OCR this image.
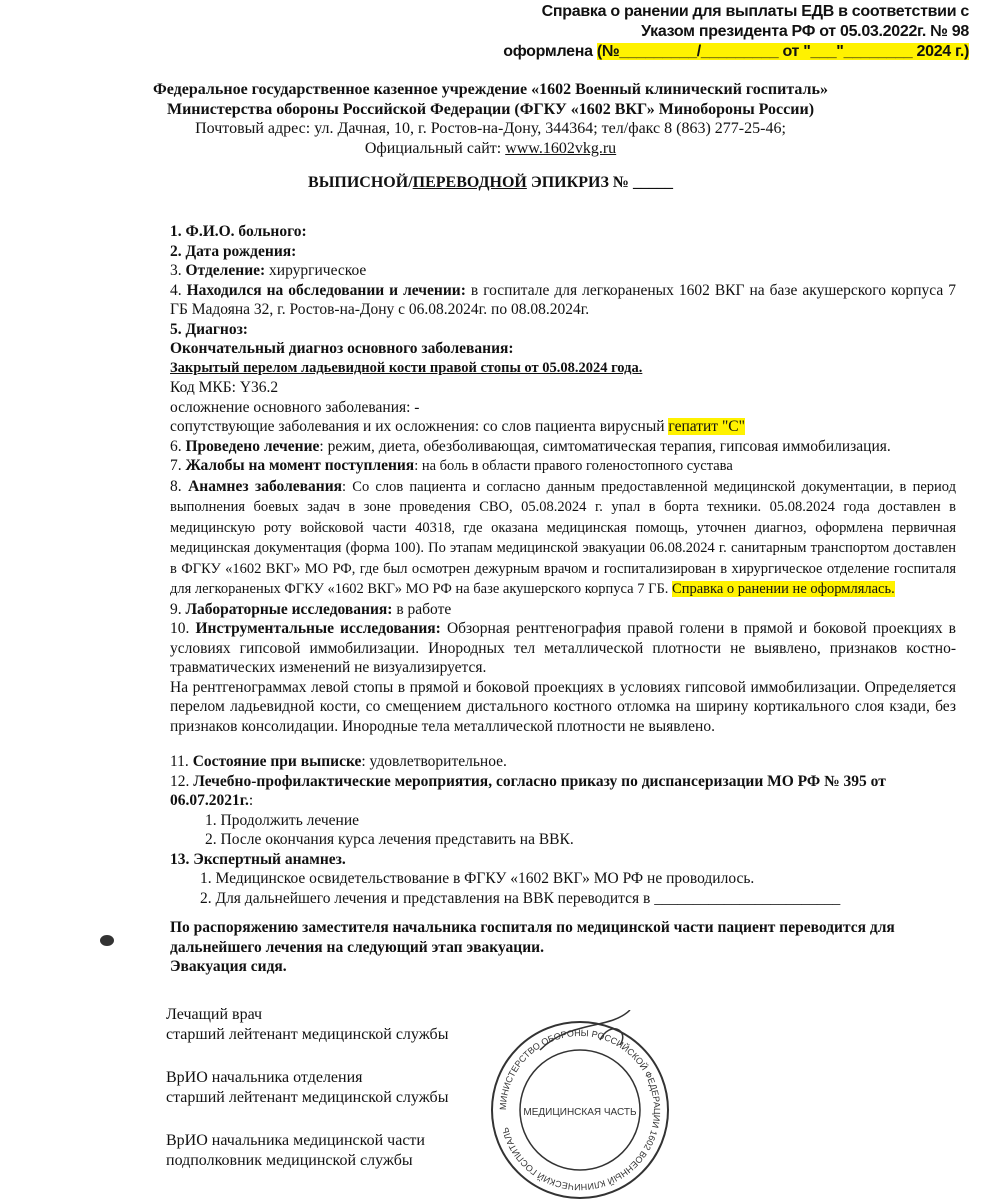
Справка о ранении для выплаты ЕДВ в соответствии с
Указом президента РФ от 05.03.2022г. № 98
оформлена (№_________/_________ от "___"________ 2024 г.)
Федеральное государственное казенное учреждение «1602 Военный клинический госпиталь»
Министерства обороны Российской Федерации (ФГКУ «1602 ВКГ» Минобороны России)
Почтовый адрес: ул. Дачная, 10, г. Ростов-на-Дону, 344364; тел/факс 8 (863) 277-25-46;
Официальный сайт: www.1602vkg.ru
ВЫПИСНОЙ/ПЕРЕВОДНОЙ ЭПИКРИЗ № _____
1. Ф.И.О. больного:
2. Дата рождения:
3. Отделение: хирургическое
4. Находился на обследовании и лечении: в госпитале для легкораненых 1602 ВКГ на базе акушерского корпуса 7 ГБ Мадояна 32, г. Ростов-на-Дону с 06.08.2024г. по 08.08.2024г.
5. Диагноз:
Окончательный диагноз основного заболевания:
Закрытый перелом ладьевидной кости правой стопы от 05.08.2024 года.
Код МКБ: Y36.2
осложнение основного заболевания: -
сопутствующие заболевания и их осложнения: со слов пациента вирусный гепатит "С"
6. Проведено лечение: режим, диета, обезболивающая, симтоматическая терапия, гипсовая иммобилизация.
7. Жалобы на момент поступления: на боль в области правого голеностопного сустава
8. Анамнез заболевания: Со слов пациента и согласно данным предоставленной медицинской документации, в период выполнения боевых задач в зоне проведения СВО, 05.08.2024 г. упал в борта техники. 05.08.2024 года доставлен в медицинскую роту войсковой части 40318, где оказана медицинская помощь, уточнен диагноз, оформлена первичная медицинская документация (форма 100). По этапам медицинской эвакуации 06.08.2024 г. санитарным транспортом доставлен в ФГКУ «1602 ВКГ» МО РФ, где был осмотрен дежурным врачом и госпитализирован в хирургическое отделение госпиталя для легкораненых ФГКУ «1602 ВКГ» МО РФ на базе акушерского корпуса 7 ГБ. Справка о ранении не оформлялась.
9. Лабораторные исследования: в работе
10. Инструментальные исследования: Обзорная рентгенография правой голени в прямой и боковой проекциях в условиях гипсовой иммобилизации. Инородных тел металлической плотности не выявлено, признаков костно-травматических изменений не визуализируется.
На рентгенограммах левой стопы в прямой и боковой проекциях в условиях гипсовой иммобилизации. Определяется перелом ладьевидной кости, со смещением дистального костного отломка на ширину кортикального слоя кзади, без признаков консолидации. Инородные тела металлической плотности не выявлено.
11. Состояние при выписке: удовлетворительное.
12. Лечебно-профилактические мероприятия, согласно приказу по диспансеризации МО РФ № 395 от 06.07.2021г.:
1. Продолжить лечение
2. После окончания курса лечения представить на ВВК.
13. Экспертный анамнез.
1. Медицинское освидетельствование в ФГКУ «1602 ВКГ» МО РФ не проводилось.
2. Для дальнейшего лечения и представления на ВВК переводится в ________________________
По распоряжению заместителя начальника госпиталя по медицинской части пациент переводится для дальнейшего лечения на следующий этап эвакуации.
Эвакуация сидя.
Лечащий врач
старший лейтенант медицинской службы
ВрИО начальника отделения
старший лейтенант медицинской службы
ВрИО начальника медицинской части
подполковник медицинской службы
МИНИСТЕРСТВО ОБОРОНЫ РОССИЙСКОЙ ФЕДЕРАЦИИ 1602 ВОЕННЫЙ КЛИНИЧЕСКИЙ ГОСПИТАЛЬ
МЕДИЦИНСКАЯ ЧАСТЬ
